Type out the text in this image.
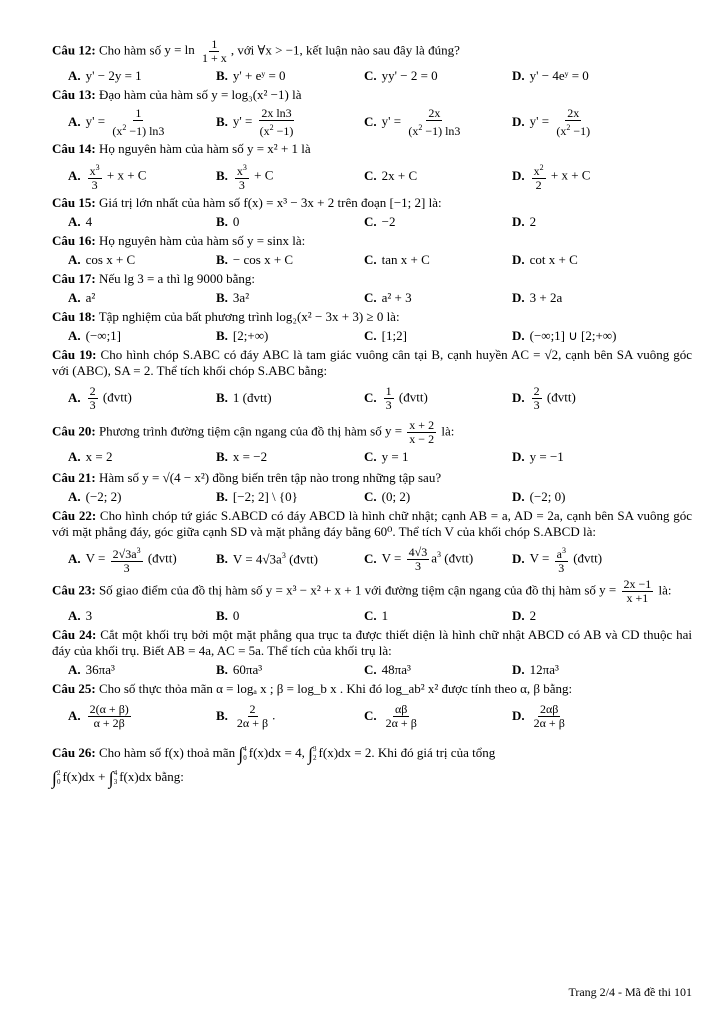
Câu 12: Cho hàm số $y = \ln \frac{1}{1 + x}$ , với ∀x > −1, kết luận nào sau đây là đúng?
A. y' − 2y = 1	B. y' + eʸ = 0	C. yy' − 2 = 0	D. y' − 4eʸ = 0
Câu 13: Đạo hàm của hàm số y = log₃(x² −1) là
A. $y' = \frac{1}{(x^2 -1) \ln 3}$	B. $y' = \frac{\text{2x ln3}}{(x^2 -1)}$	C. $y' = \frac{2x}{(x^2 -1) \ln 3}$	D. $y' = \frac{2x}{(x^2 -1)}$
Câu 14: Họ nguyên hàm của hàm số y = x² + 1 là
A. $\frac{x^3}{3} + x + C$	B. $\frac{x^3}{3} + C$	C. 2x + C	D. $\frac{x^2}{2} + x + C$
Câu 15: Giá trị lớn nhất của hàm số f(x) = x³ − 3x + 2 trên đoạn [−1; 2] là:
A. 4	B. 0	C. −2	D. 2
Câu 16: Họ nguyên hàm của hàm số y = sinx là:
A. cos x + C	B. − cos x + C	C. tan x + C	D. cot x + C
Câu 17: Nếu lg 3 = a thì lg 9000 bằng:
A. a²	B. 3a²	C. a² + 3	D. 3 + 2a
Câu 18: Tập nghiệm của bất phương trình log₂(x² − 3x + 3) ≥ 0 là:
A. (−∞;1]	B. [2;+∞)	C. [1;2]	D. (−∞;1] ∪ [2;+∞)
Câu 19: Cho hình chóp S.ABC có đáy ABC là tam giác vuông cân tại B, cạnh huyền AC = √2, cạnh bên SA vuông góc với (ABC), SA = 2. Thể tích khối chóp S.ABC bằng:
A. $\frac{2}{3}$ (đvtt)	B. 1 (đvtt)	C. $\frac{1}{3}$ (đvtt)	D. $\frac{2}{3}$ (đvtt)
Câu 20: Phương trình đường tiệm cận ngang của đồ thị hàm số $y = \frac{x + 2}{x - 2}$ là:
A. x = 2	B. x = −2	C. y = 1	D. y = −1
Câu 21: Hàm số y = √(4 − x²) đồng biến trên tập nào trong những tập sau?
A. (−2; 2)	B. [−2; 2] \ {0}	C. (0; 2)	D. (−2; 0)
Câu 22: Cho hình chóp tứ giác S.ABCD có đáy ABCD là hình chữ nhật; cạnh AB = a, AD = 2a, cạnh bên SA vuông góc với mặt phẳng đáy, góc giữa cạnh SD và mặt phẳng đáy bằng 60⁰. Thể tích V của khối chóp S.ABCD là:
A. $V = \frac{2√3a^3}{3}$ (đvtt)	B. $V = 4√3a^3$ (đvtt)	C. $V = \frac{4√3}{3} a^3$ (đvtt)	D. $V = \frac{a^3}{3}$ (đvtt)
Câu 23: Số giao điểm của đồ thị hàm số y = x³ − x² + x + 1 với đường tiệm cận ngang của đồ thị hàm số $y = \frac{2x -1}{x +1}$ là:
A. 3	B. 0	C. 1	D. 2
Câu 24: Cắt một khối trụ bởi một mặt phẳng qua trục ta được thiết diện là hình chữ nhật ABCD có AB và CD thuộc hai đáy của khối trụ. Biết AB = 4a, AC = 5a. Thể tích của khối trụ là:
A. 36πa³	B. 60πa³	C. 48πa³	D. 12πa³
Câu 25: Cho số thực thỏa mãn α = logₐ x ; β = log_b x . Khi đó log_ab² x² được tính theo α, β bằng:
A. $\frac{2(\alpha + \beta)}{\alpha + 2\beta}$	B. $\frac{2}{2\alpha + \beta}$ .	C. $\frac{\alpha\beta}{2\alpha + \beta}$	D. $\frac{2\alpha\beta}{2\alpha + \beta}$
Câu 26: Cho hàm số f(x) thoả mãn ∫ 4
0 f(x)dx = 4, ∫ 3
2 f(x)dx = 2. Khi đó giá trị của tổng

∫ 2
0 f(x)dx + ∫ 4
3 f(x)dx bằng:
Trang 2/4 - Mã đề thi 101
